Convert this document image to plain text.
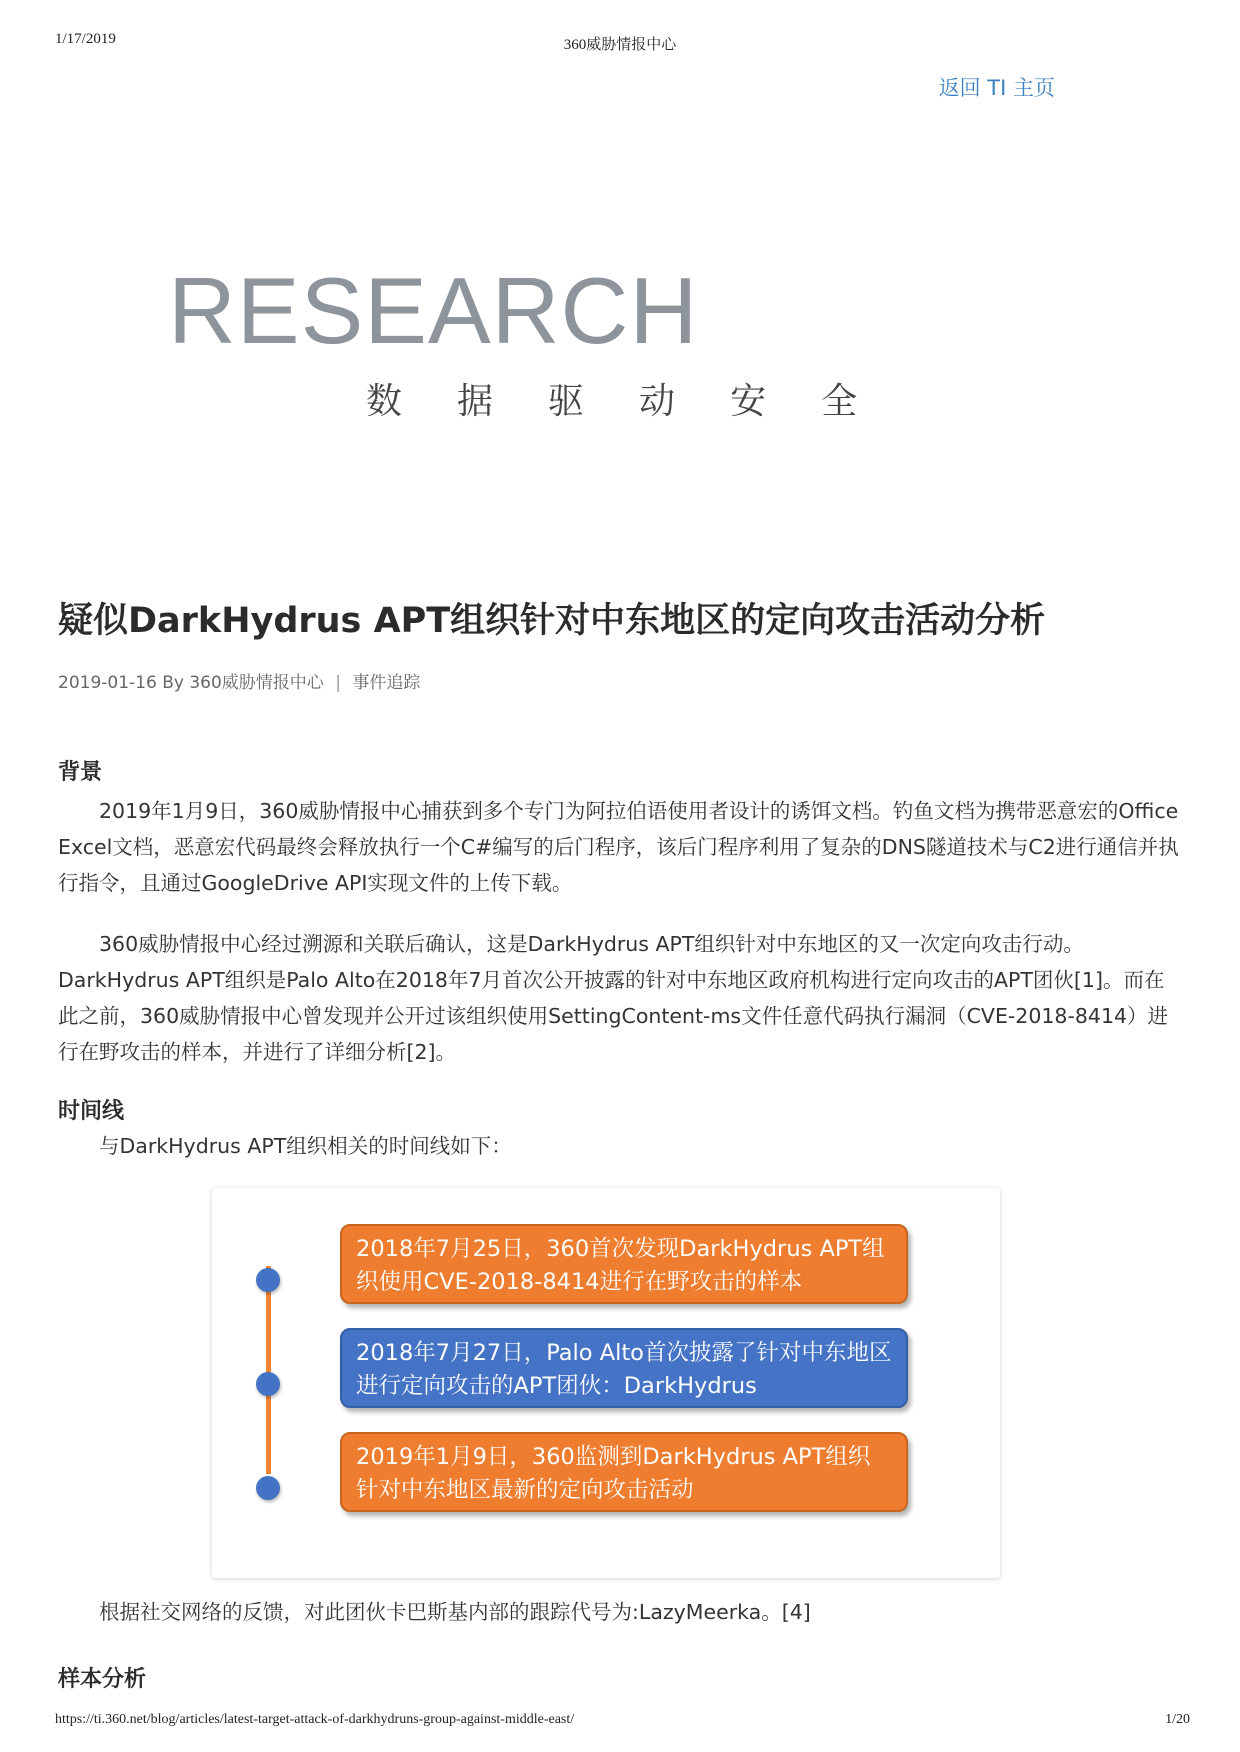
1/17/2019	360威胁情报中心
返回 TI 主页
RESEARCH
数 据 驱 动 安 全
疑似DarkHydrus APT组织针对中东地区的定向攻击活动分析
2019-01-16 By 360威胁情报中心 | 事件追踪
背景

2019年1月9日，360威胁情报中心捕获到多个专门为阿拉伯语使用者设计的诱饵文档。钓鱼文档为携带恶意宏的Office Excel文档，恶意宏代码最终会释放执行一个C#编写的后门程序，该后门程序利用了复杂的DNS隧道技术与C2进行通信并执行指令，且通过GoogleDrive API实现文件的上传下载。

360威胁情报中心经过溯源和关联后确认，这是DarkHydrus APT组织针对中东地区的又一次定向攻击行动。DarkHydrus APT组织是Palo Alto在2018年7月首次公开披露的针对中东地区政府机构进行定向攻击的APT团伙[1]。而在此之前，360威胁情报中心曾发现并公开过该组织使用SettingContent-ms文件任意代码执行漏洞（CVE-2018-8414）进行在野攻击的样本，并进行了详细分析[2]。

时间线

与DarkHydrus APT组织相关的时间线如下：

2018年7月25日，360首次发现DarkHydrus APT组织使用CVE-2018-8414进行在野攻击的样本
2018年7月27日，Palo Alto首次披露了针对中东地区进行定向攻击的APT团伙：DarkHydrus
2019年1月9日，360监测到DarkHydrus APT组织针对中东地区最新的定向攻击活动

根据社交网络的反馈，对此团伙卡巴斯基内部的跟踪代号为:LazyMeerka。[4]

样本分析
https://ti.360.net/blog/articles/latest-target-attack-of-darkhydruns-group-against-middle-east/	1/20
